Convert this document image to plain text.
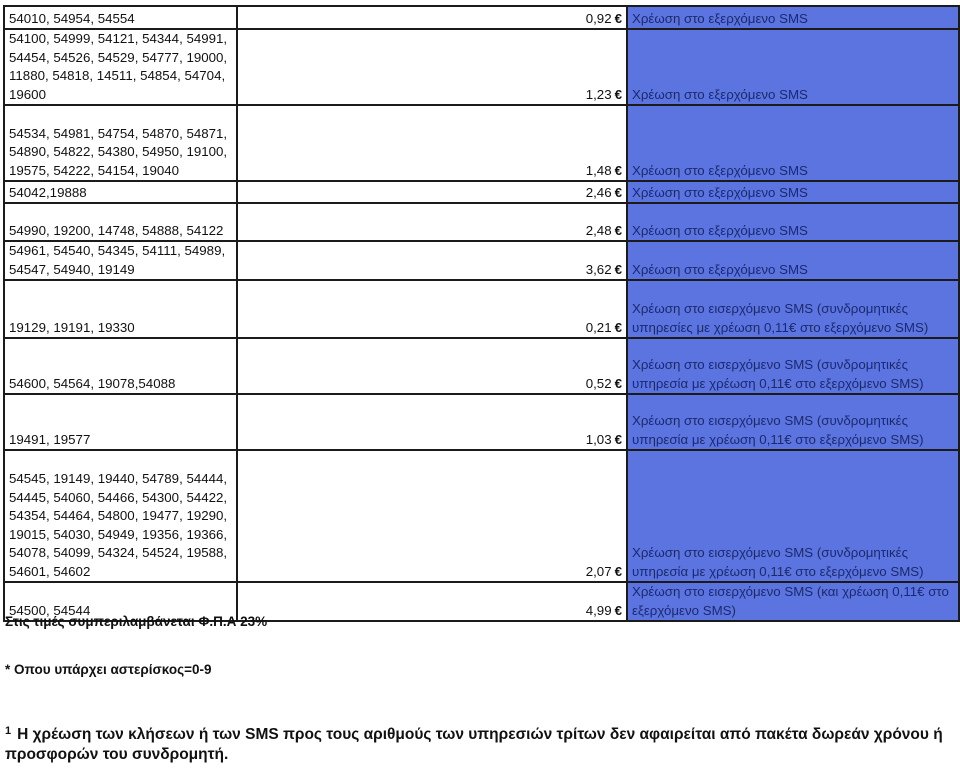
54010, 54954, 54554	0,92 €	Χρέωση στο εξερχόμενο SMS
54100, 54999, 54121, 54344, 54991, 54454, 54526, 54529, 54777, 19000, 11880, 54818, 14511, 54854, 54704, 19600	1,23 €	Χρέωση στο εξερχόμενο SMS
54534, 54981, 54754, 54870, 54871, 54890, 54822, 54380, 54950, 19100, 19575, 54222, 54154, 19040	1,48 €	Χρέωση στο εξερχόμενο SMS
54042,19888	2,46 €	Χρέωση στο εξερχόμενο SMS
54990, 19200, 14748, 54888, 54122	2,48 €	Χρέωση στο εξερχόμενο SMS
54961, 54540, 54345, 54111, 54989, 54547, 54940, 19149	3,62 €	Χρέωση στο εξερχόμενο SMS
19129, 19191, 19330	0,21 €	Χρέωση στο εισερχόμενο SMS (συνδρομητικές υπηρεσίες με χρέωση 0,11€ στο εξερχόμενο SMS)
54600, 54564, 19078,54088	0,52 €	Χρέωση στο εισερχόμενο SMS (συνδρομητικές υπηρεσία με χρέωση 0,11€ στο εξερχόμενο SMS)
19491, 19577	1,03 €	Χρέωση στο εισερχόμενο SMS (συνδρομητικές υπηρεσία με χρέωση 0,11€ στο εξερχόμενο SMS)
54545, 19149, 19440, 54789, 54444, 54445, 54060, 54466, 54300, 54422, 54354, 54464, 54800, 19477, 19290, 19015, 54030, 54949, 19356, 19366, 54078, 54099, 54324, 54524, 19588, 54601, 54602	2,07 €	Χρέωση στο εισερχόμενο SMS (συνδρομητικές υπηρεσία με χρέωση 0,11€ στο εξερχόμενο SMS)
54500, 54544	4,99 €	Χρέωση στο εισερχόμενο SMS (και χρέωση 0,11€ στο εξερχόμενο SMS)
Στις τιμές συμπεριλαμβάνεται Φ.Π.Α 23%
* Οπου υπάρχει αστερίσκος=0-9
$^1$ Η χρέωση των κλήσεων ή των SMS προς τους αριθμούς των υπηρεσιών τρίτων δεν αφαιρείται από πακέτα δωρεάν χρόνου ή προσφορών του συνδρομητή.
